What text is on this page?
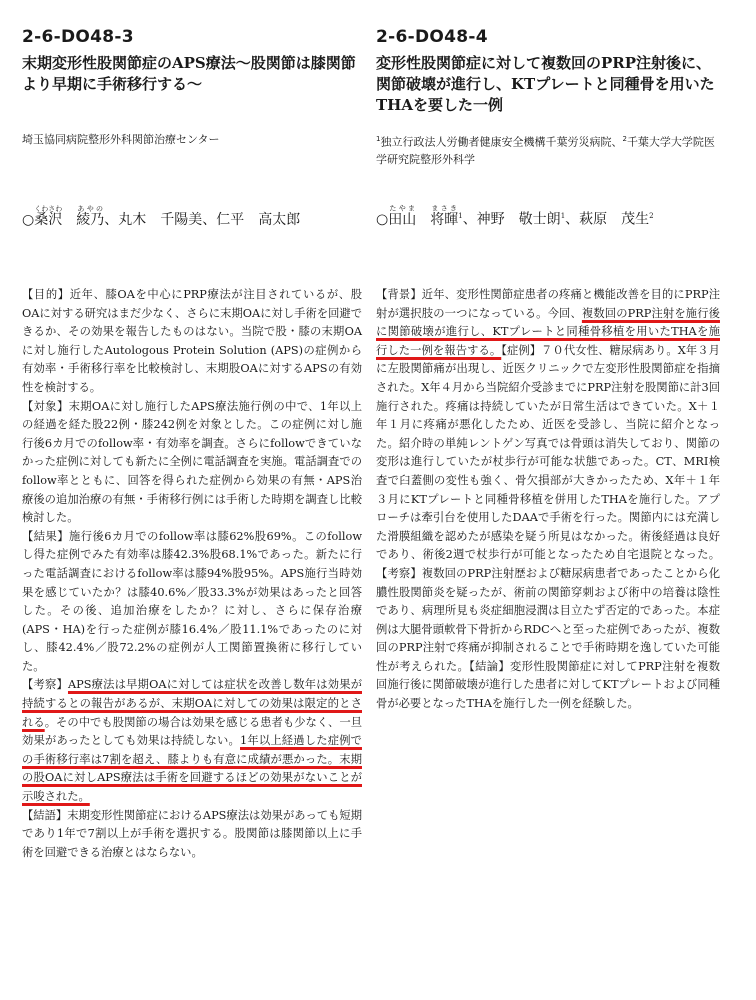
2-6-DO48-3
末期変形性股関節症のAPS療法〜股関節は膝関節より早期に手術移行する〜
埼玉協同病院整形外科関節治療センター
○桑沢くわさわ　綾乃あやの、丸木　千陽美、仁平　高太郎

【目的】近年、膝OAを中心にPRP療法が注目されているが、股OAに対する研究はまだ少なく、さらに末期OAに対し手術を回避できるか、その効果を報告したものはない。当院で股・膝の末期OAに対し施行したAutologous Protein Solution (APS)の症例から有効率・手術移行率を比較検討し、末期股OAに対するAPSの有効性を検討する。

【対象】末期OAに対し施行したAPS療法施行例の中で、1年以上の経過を経た股22例・膝242例を対象とした。この症例に対し施行後6カ月でのfollow率・有効率を調査。さらにfollowできていなかった症例に対しても新たに全例に電話調査を実施。電話調査でのfollow率とともに、回答を得られた症例から効果の有無・APS治療後の追加治療の有無・手術移行例には手術した時期を調査し比較検討した。

【結果】施行後6カ月でのfollow率は膝62%股69%。このfollowし得た症例でみた有効率は膝42.3%股68.1%であった。新たに行った電話調査におけるfollow率は膝94%股95%。APS施行当時効果を感じていたか？は膝40.6%／股33.3%が効果はあったと回答した。その後、追加治療をしたか？に対し、さらに保存治療(APS・HA)を行った症例が膝16.4%／股11.1%であったのに対し、膝42.4%／股72.2%の症例が人工関節置換術に移行していた。

【考察】APS療法は早期OAに対しては症状を改善し数年は効果が持続するとの報告があるが、末期OAに対しての効果は限定的とされる。その中でも股関節の場合は効果を感じる患者も少なく、一旦効果があったとしても効果は持続しない。1年以上経過した症例での手術移行率は7割を超え、膝よりも有意に成績が悪かった。末期の股OAに対しAPS療法は手術を回避するほどの効果がないことが示唆された。

【結語】末期変形性関節症におけるAPS療法は効果があっても短期であり1年で7割以上が手術を選択する。股関節は膝関節以上に手術を回避できる治療とはならない。

2-6-DO48-4
変形性股関節症に対して複数回のPRP注射後に、関節破壊が進行し、KTプレートと同種骨を用いたTHAを要した一例
$^1$独立行政法人労働者健康安全機構千葉労災病院、$^2$千葉大学大学院医学研究院整形外科学
○田山たやま　将暉まさき$^1$、神野　敬士朗$^1$、萩原　茂生$^2$

【背景】近年、変形性関節症患者の疼痛と機能改善を目的にPRP注射が選択肢の一つになっている。今回、複数回のPRP注射を施行後に関節破壊が進行し、KTプレートと同種骨移植を用いたTHAを施行した一例を報告する。【症例】７０代女性、糖尿病あり。X年３月に左股関節痛が出現し、近医クリニックで左変形性股関節症を指摘された。X年４月から当院紹介受診までにPRP注射を股関節に計3回施行された。疼痛は持続していたが日常生活はできていた。X＋１年１月に疼痛が悪化したため、近医を受診し、当院に紹介となった。紹介時の単純レントゲン写真では骨頭は消失しており、関節の変形は進行していたが杖歩行が可能な状態であった。CT、MRI検査で臼蓋側の変性も強く、骨欠損部が大きかったため、X年＋１年３月にKTプレートと同種骨移植を併用したTHAを施行した。アプローチは牽引台を使用したDAAで手術を行った。関節内には充満した滑膜組織を認めたが感染を疑う所見はなかった。術後経過は良好であり、術後2週で杖歩行が可能となったため自宅退院となった。【考察】複数回のPRP注射歴および糖尿病患者であったことから化膿性股関節炎を疑ったが、術前の関節穿刺および術中の培養は陰性であり、病理所見も炎症細胞浸潤は目立たず否定的であった。本症例は大腿骨頭軟骨下骨折からRDCへと至った症例であったが、複数回のPRP注射で疼痛が抑制されることで手術時期を逸していた可能性が考えられた。【結論】変形性股関節症に対してPRP注射を複数回施行後に関節破壊が進行した患者に対してKTプレートおよび同種骨が必要となったTHAを施行した一例を経験した。
